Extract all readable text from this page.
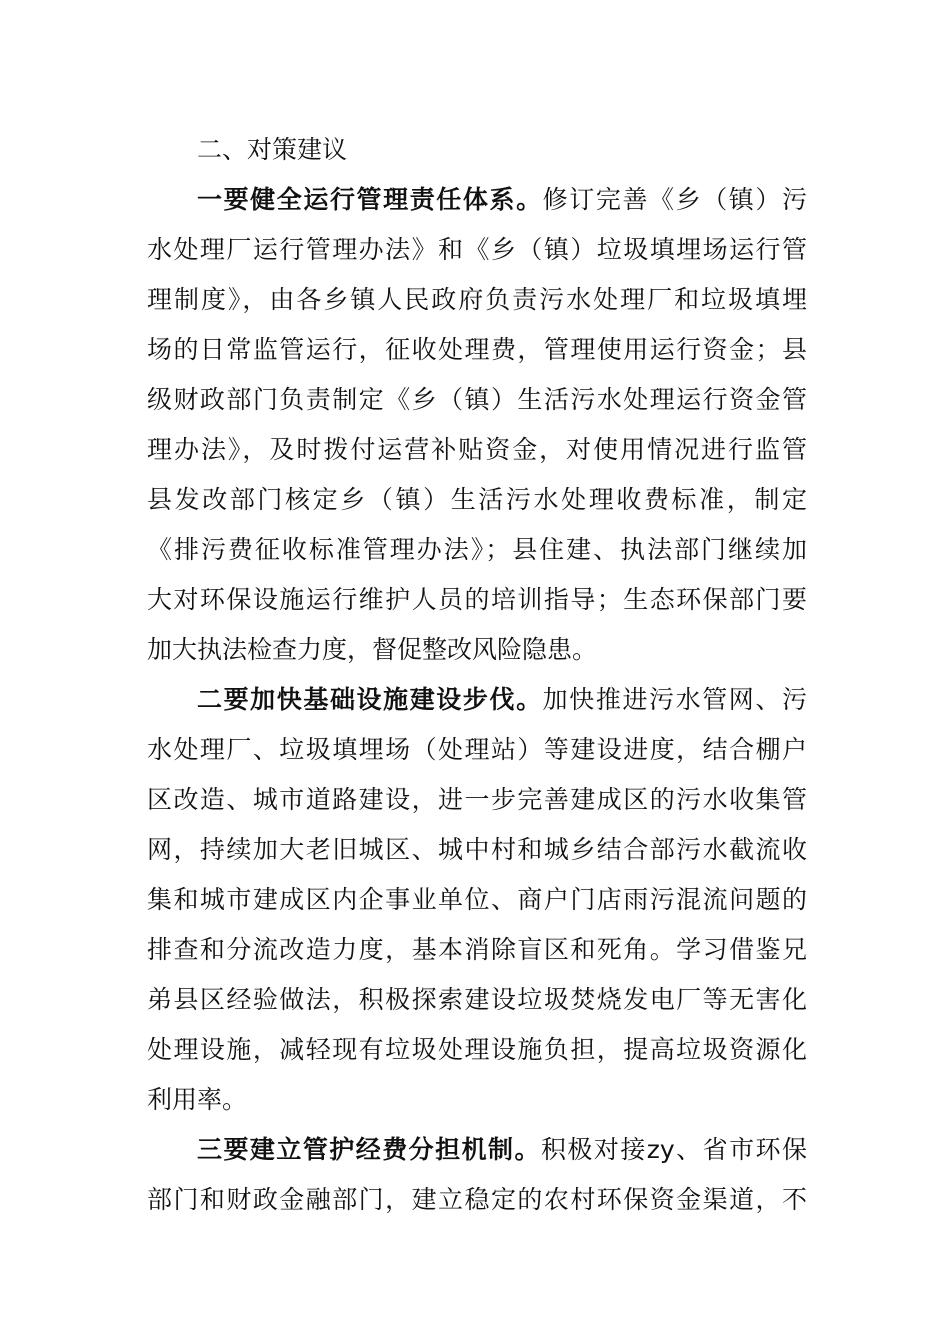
二、对策建议
一要健全运行管理责任体系。修订完善《乡（镇）污
水处理厂运行管理办法》和《乡（镇）垃圾填埋场运行管
理制度》，由各乡镇人民政府负责污水处理厂和垃圾填埋
场的日常监管运行，征收处理费，管理使用运行资金；县
级财政部门负责制定《乡（镇）生活污水处理运行资金管
理办法》，及时拨付运营补贴资金，对使用情况进行监管
县发改部门核定乡（镇）生活污水处理收费标准，制定
《排污费征收标准管理办法》；县住建、执法部门继续加
大对环保设施运行维护人员的培训指导；生态环保部门要
加大执法检查力度，督促整改风险隐患。
二要加快基础设施建设步伐。加快推进污水管网、污
水处理厂、垃圾填埋场（处理站）等建设进度，结合棚户
区改造、城市道路建设，进一步完善建成区的污水收集管
网，持续加大老旧城区、城中村和城乡结合部污水截流收
集和城市建成区内企事业单位、商户门店雨污混流问题的
排查和分流改造力度，基本消除盲区和死角。学习借鉴兄
弟县区经验做法，积极探索建设垃圾焚烧发电厂等无害化
处理设施，减轻现有垃圾处理设施负担，提高垃圾资源化
利用率。
三要建立管护经费分担机制。积极对接zy、省市环保
部门和财政金融部门，建立稳定的农村环保资金渠道，不
